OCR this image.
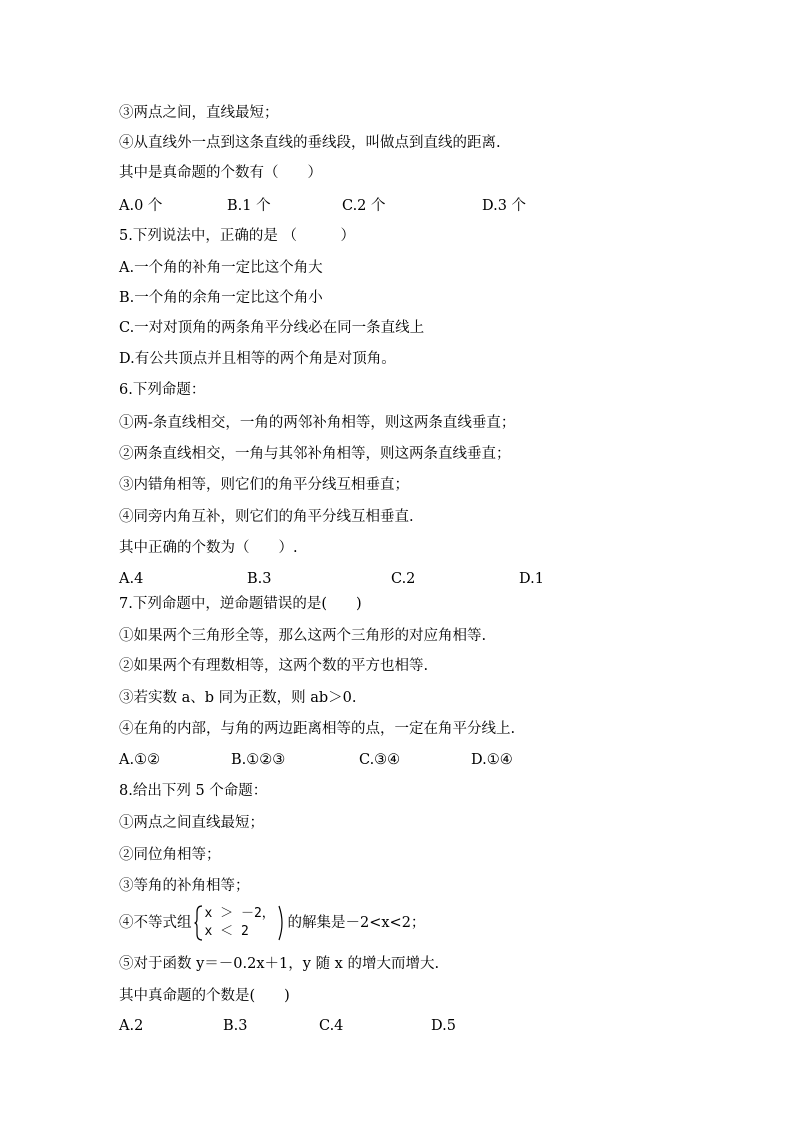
③两点之间，直线最短；
④从直线外一点到这条直线的垂线段，叫做点到直线的距离.
其中是真命题的个数有（　　）
A.0 个	B.1 个	C.2 个	D.3 个
5.下列说法中，正确的是 （　　　）
A.一个角的补角一定比这个角大
B.一个角的余角一定比这个角小
C.一对对顶角的两条角平分线必在同一条直线上
D.有公共顶点并且相等的两个角是对顶角。
6.下列命题：
①两-条直线相交，一角的两邻补角相等，则这两条直线垂直；
②两条直线相交，一角与其邻补角相等，则这两条直线垂直；
③内错角相等，则它们的角平分线互相垂直；
④同旁内角互补，则它们的角平分线互相垂直.
其中正确的个数为（　　）.
A.4	B.3	C.2	D.1
7.下列命题中，逆命题错误的是(　　)
①如果两个三角形全等，那么这两个三角形的对应角相等.
②如果两个有理数相等，这两个数的平方也相等.
③若实数 a、b 同为正数，则 ab＞0.
④在角的内部，与角的两边距离相等的点，一定在角平分线上.
A.①②	B.①②③	C.③④	D.①④
8.给出下列 5 个命题：
①两点之间直线最短；
②同位角相等；
③等角的补角相等；
④不等式组
x ＞ －2，
x ＜ 2
的解集是－2<x<2；
⑤对于函数 y＝－0.2x＋1，y 随 x 的增大而增大.
其中真命题的个数是(　　)
A.2	B.3	C.4	D.5
